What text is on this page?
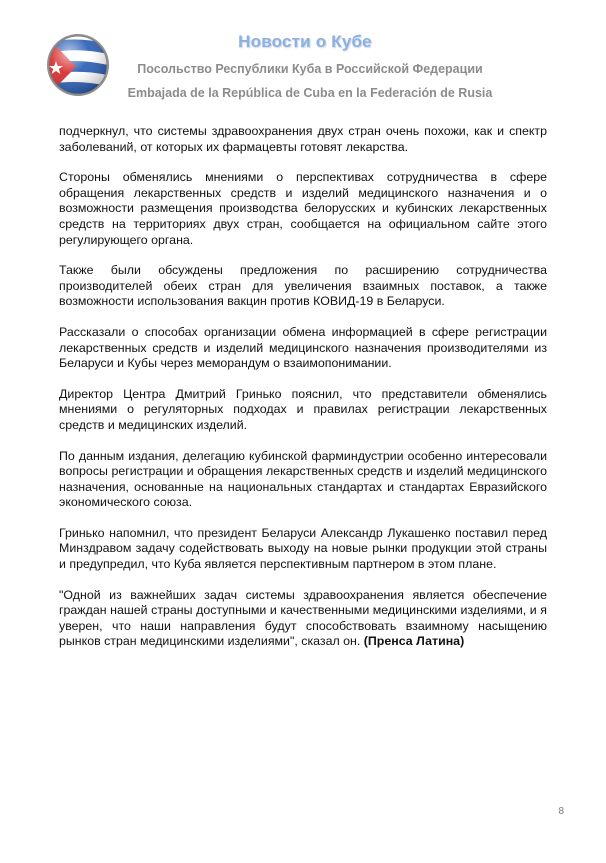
Новости о Кубе
Посольство Республики Куба в Российской Федерации
Embajada de la República de Cuba en la Federación de Rusia

подчеркнул, что системы здравоохранения двух стран очень похожи, как и спектр заболеваний, от которых их фармацевты готовят лекарства.

Стороны обменялись мнениями о перспективах сотрудничества в сфере обращения лекарственных средств и изделий медицинского назначения и о возможности размещения производства белорусских и кубинских лекарственных средств на территориях двух стран, сообщается на официальном сайте этого регулирующего органа.

Также были обсуждены предложения по расширению сотрудничества производителей обеих стран для увеличения взаимных поставок, а также возможности использования вакцин против КОВИД-19 в Беларуси.

Рассказали о способах организации обмена информацией в сфере регистрации лекарственных средств и изделий медицинского назначения производителями из Беларуси и Кубы через меморандум о взаимопонимании.

Директор Центра Дмитрий Гринько пояснил, что представители обменялись мнениями о регуляторных подходах и правилах регистрации лекарственных средств и медицинских изделий.

По данным издания, делегацию кубинской фарминдустрии особенно интересовали вопросы регистрации и обращения лекарственных средств и изделий медицинского назначения, основанные на национальных стандартах и стандартах Евразийского экономического союза.

Гринько напомнил, что президент Беларуси Александр Лукашенко поставил перед Минздравом задачу содействовать выходу на новые рынки продукции этой страны и предупредил, что Куба является перспективным партнером в этом плане.

"Одной из важнейших задач системы здравоохранения является обеспечение граждан нашей страны доступными и качественными медицинскими изделиями, и я уверен, что наши направления будут способствовать взаимному насыщению рынков стран медицинскими изделиями", сказал он. (Пренса Латина)

8
